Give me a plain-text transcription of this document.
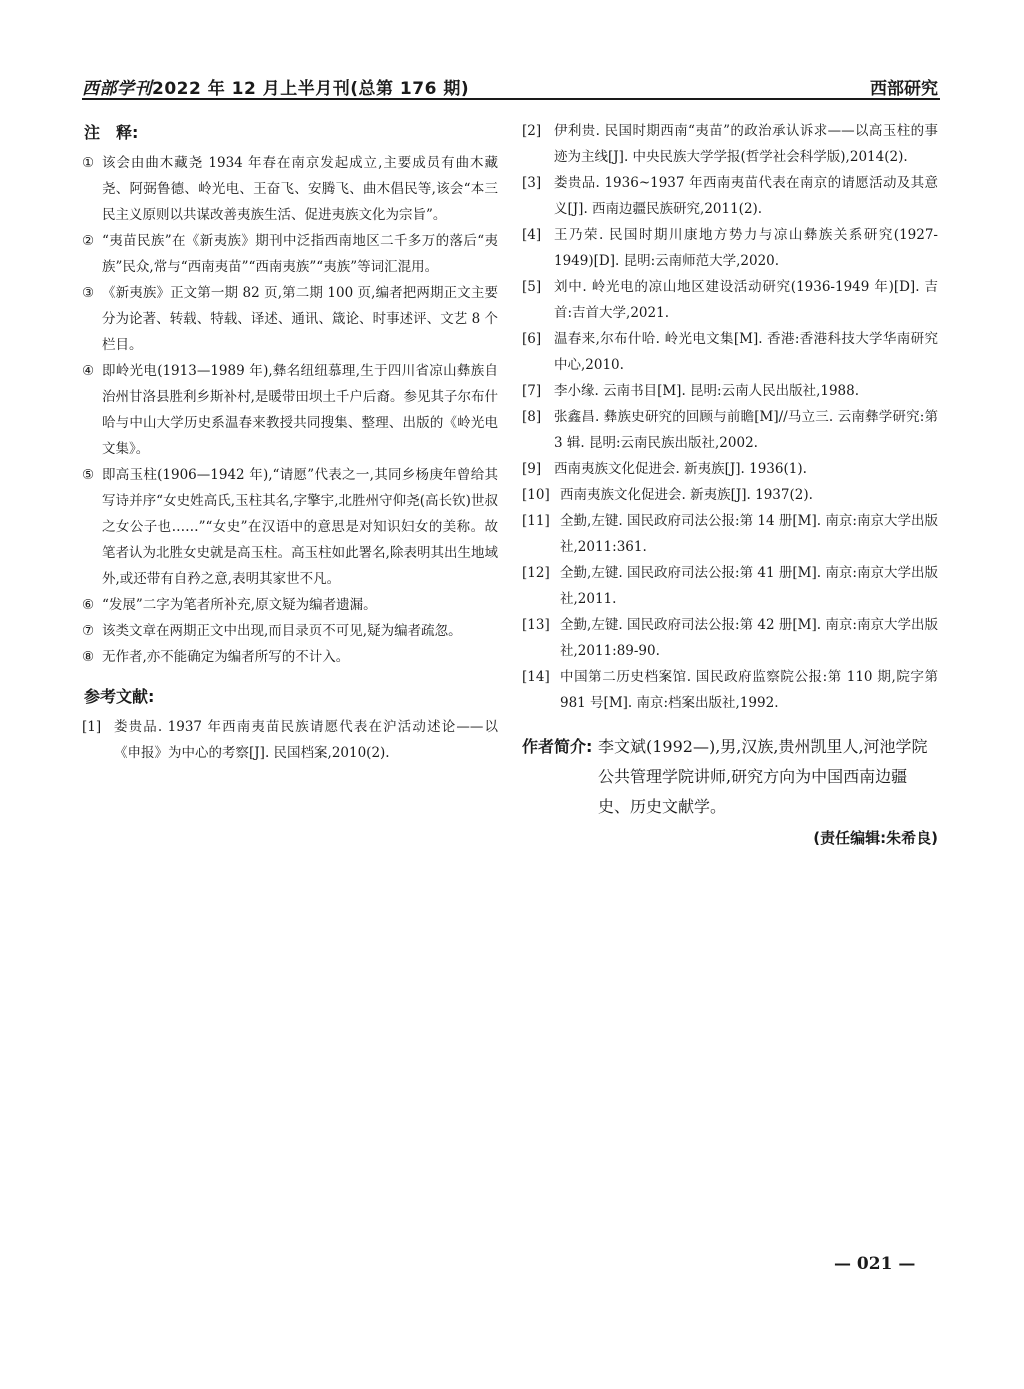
西部学刊2022 年 12 月上半月刊(总第 176 期)	西部研究
注　释:
① 该会由曲木藏尧 1934 年春在南京发起成立,主要成员有曲木藏尧、阿弼鲁德、岭光电、王奋飞、安腾飞、曲木倡民等,该会“本三民主义原则以共谋改善夷族生活、促进夷族文化为宗旨”。
② “夷苗民族”在《新夷族》期刊中泛指西南地区二千多万的落后“夷族”民众,常与“西南夷苗”“西南夷族”“夷族”等词汇混用。
③ 《新夷族》正文第一期 82 页,第二期 100 页,编者把两期正文主要分为论著、转载、特载、译述、通讯、箴论、时事述评、文艺 8 个栏目。
④ 即岭光电(1913—1989 年),彝名纽纽慕理,生于四川省凉山彝族自治州甘洛县胜利乡斯补村,是暖带田坝土千户后裔。参见其子尔布什哈与中山大学历史系温春来教授共同搜集、整理、出版的《岭光电文集》。
⑤ 即高玉柱(1906—1942 年),“请愿”代表之一,其同乡杨庚年曾给其写诗并序“女史姓高氏,玉柱其名,字擎宇,北胜州守仰尧(高长钦)世叔之女公子也……”“女史”在汉语中的意思是对知识妇女的美称。故笔者认为北胜女史就是高玉柱。高玉柱如此署名,除表明其出生地域外,或还带有自矜之意,表明其家世不凡。
⑥ “发展”二字为笔者所补充,原文疑为编者遗漏。
⑦ 该类文章在两期正文中出现,而目录页不可见,疑为编者疏忽。
⑧ 无作者,亦不能确定为编者所写的不计入。
参考文献:
[1] 娄贵品. 1937 年西南夷苗民族请愿代表在沪活动述论——以《申报》为中心的考察[J]. 民国档案,2010(2).
[2] 伊利贵. 民国时期西南“夷苗”的政治承认诉求——以高玉柱的事迹为主线[J]. 中央民族大学学报(哲学社会科学版),2014(2).
[3] 娄贵品. 1936~1937 年西南夷苗代表在南京的请愿活动及其意义[J]. 西南边疆民族研究,2011(2).
[4] 王乃荣. 民国时期川康地方势力与凉山彝族关系研究(1927-1949)[D]. 昆明:云南师范大学,2020.
[5] 刘中. 岭光电的凉山地区建设活动研究(1936-1949 年)[D]. 吉首:吉首大学,2021.
[6] 温春来,尔布什哈. 岭光电文集[M]. 香港:香港科技大学华南研究中心,2010.
[7] 李小缘. 云南书目[M]. 昆明:云南人民出版社,1988.
[8] 张鑫昌. 彝族史研究的回顾与前瞻[M]//马立三. 云南彝学研究:第 3 辑. 昆明:云南民族出版社,2002.
[9] 西南夷族文化促进会. 新夷族[J]. 1936(1).
[10] 西南夷族文化促进会. 新夷族[J]. 1937(2).
[11] 全勤,左键. 国民政府司法公报:第 14 册[M]. 南京:南京大学出版社,2011:361.
[12] 全勤,左键. 国民政府司法公报:第 41 册[M]. 南京:南京大学出版社,2011.
[13] 全勤,左键. 国民政府司法公报:第 42 册[M]. 南京:南京大学出版社,2011:89-90.
[14] 中国第二历史档案馆. 国民政府监察院公报:第 110 期,院字第 981 号[M]. 南京:档案出版社,1992.
作者简介: 李文斌(1992—),男,汉族,贵州凯里人,河池学院公共管理学院讲师,研究方向为中国西南边疆史、历史文献学。
(责任编辑:朱希良)
— 021 —
